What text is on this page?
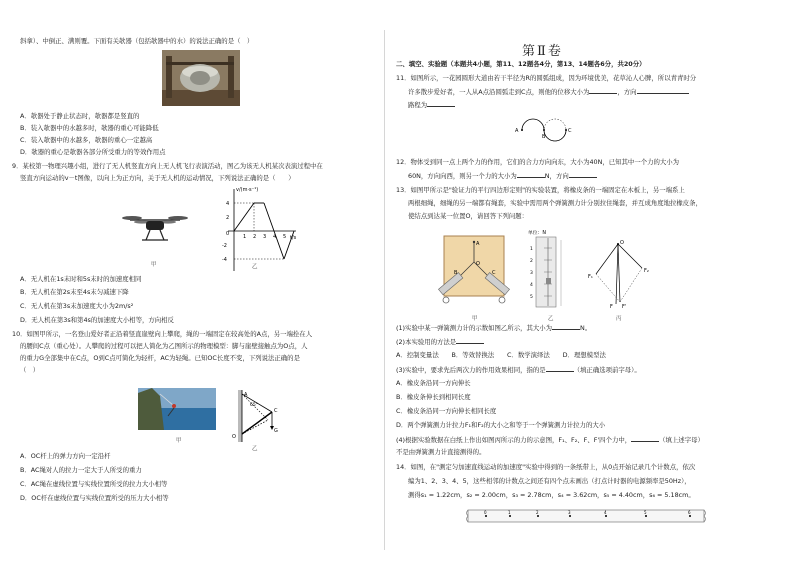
斜拿）、中倒正、满则覆。下面有关欹器（包括欹器中的水）的说法正确的是（　）
A．欹器处于静止状态时，欹器都是竖直的
B．装入欹器中的水越多时，欹器的重心可能降低
C．装入欹器中的水越多，欹器的重心一定越高
D．欹器的重心是欹器各部分所受重力的等效作用点
9．某校第一物理兴趣小组，进行了无人机竖直方向上无人机飞行表演活动，图乙为该无人机某次表演过程中在
竖直方向运动的v－t图像，以向上为正方向，关于无人机的运动情况，下列说法正确的是（　　）
甲
v/(m·s⁻¹)
t/s
4
2
0
-2
-4
1 2 3 4 5
乙
A．无人机在1s末时和5s末时的加速度相同
B．无人机在第2s末至4s末匀减速下降
C．无人机在第3s末加速度大小为2m/s²
D．无人机在第3s和第4s的加速度大小相等，方向相反
10．如图甲所示，一名登山爱好者正沿着竖直崖壁向上攀爬，绳的一端固定在较高处的A点，另一端拴在人
的腰间C点（重心处）。人攀爬的过程可以把人简化为乙图所示的物理模型：脚与崖壁接触点为O点，人
的重力G全部集中在C点，O到C点可简化为轻杆，AC为轻绳。已知OC长度不变，下列说法正确的是
（　）
甲
A
C
O
65°
G
乙
A．OC杆上的弹力方向一定沿杆
B．AC绳对人的拉力一定大于人所受的重力
C．AC绳在虚线位置与实线位置所受的拉力大小相等
D．OC杆在虚线位置与实线位置所受的压力大小相等
第Ⅱ卷
二、填空、实验题（本题共4小题，第11、12题各4分，第13、14题各6分，共20分）
11．如图所示，一花园圆形大道由若干半径为R的圆弧组成，因为环境优美，花草沁人心脾，所以青青时分
许多散步爱好者，一人从A点沿圆弧走到C点，则他的位移大小为	，方向
路程为
A
B
C
12．物体受到同一点上两个力的作用，它们的合力方向向东，大小为40N，已知其中一个力的大小为
60N，方向向西，则另一个力的大小为	N，方向
13．如图甲所示是"验证力的平行四边形定则"的实验装置，将橡皮条的一端固定在木板上，另一端系上
两根细绳，细绳的另一端都有绳套，实验中需用两个弹簧测力计分别拉住绳套，并互成角度地拉橡皮条，
使结点到达某一位置O，请回答下列问题：
A
O
B	C
甲
单位：N
1
2
3
4
5
乙
O
F₁
F₂
F F'
丙
(1)实验中某一弹簧测力计的示数如图乙所示，其大小为	N。
(2)本实验用的方法是
A．控制变量法　　B．等效替换法　　C．数学演绎法　　D．理想模型法
(3)实验中，要求先后两次力的作用效果相同，指的是	（填正确选项前字母）。
A．橡皮条沿同一方向伸长
B．橡皮条伸长到相同长度
C．橡皮条沿同一方向伸长相同长度
D．两个弹簧测力计拉力F₁和F₂的大小之和等于一个弹簧测力计拉力的大小
(4)根据实验数据在白纸上作出如图丙所示的力的示意图，F₁、F₂、F、F'四个力中，	（填上述字母）
不是由弹簧测力计直接测得的。
14．如图，在"测定匀加速直线运动的加速度"实验中得到的一条纸带上，从0点开始记录几个计数点，依次
编为1、2、3、4、5，这些相邻的计数点之间还有四个点未画出（打点计时器的电源频率是50Hz），
测得s₁ = 1.22cm，s₂ = 2.00cm，s₃ = 2.78cm，s₄ = 3.62cm，s₅ = 4.40cm，s₆ = 5.18cm。
0	1	2	3	4	5	6
